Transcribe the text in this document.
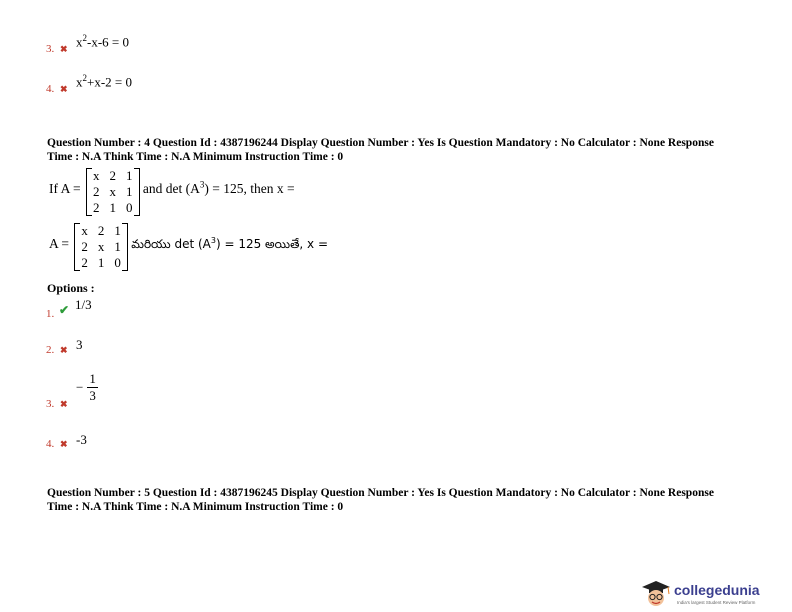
3. ✖ $x^2-x-6 = 0$
4. ✖ $x^2+x-2 = 0$
Question Number : 4 Question Id : 4387196244 Display Question Number : Yes Is Question Mandatory : No Calculator : None Response
Time : N.A Think Time : N.A Minimum Instruction Time : 0
If A =
x	2	1
2	x	1
2	1	0
and $\det (A^3) = 125$, then x =
A =
x	2	1
2	x	1
2	1	0
మరియు $\det (A^3) = 125$ అయితే, x =
Options :
1. ✔ 1/3
2. ✖ 3
3. ✖
− $\frac{1}{3}$
4. ✖ -3
Question Number : 5 Question Id : 4387196245 Display Question Number : Yes Is Question Mandatory : No Calculator : None Response
Time : N.A Think Time : N.A Minimum Instruction Time : 0
collegedunia
India's largest Student Review Platform
